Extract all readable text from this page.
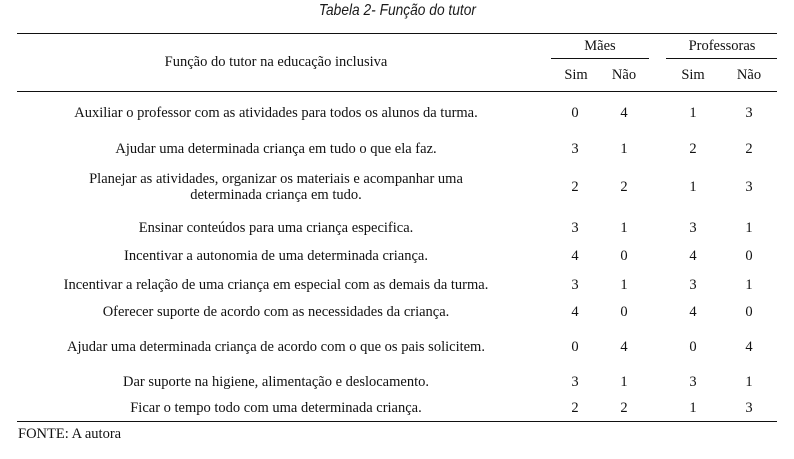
Tabela 2- Função do tutor
Função do tutor na educação inclusiva
Mães	Professoras
Sim Não	Sim Não
Auxiliar o professor com as atividades para todos os alunos da turma.	0	4	1	3
Ajudar uma determinada criança em tudo o que ela faz.	3	1	2	2
Planejar as atividades, organizar os materiais e acompanhar uma
determinada criança em tudo.	2	2	1	3
Ensinar conteúdos para uma criança especifica.	3	1	3	1
Incentivar a autonomia de uma determinada criança.	4	0	4	0
Incentivar a relação de uma criança em especial com as demais da turma.	3	1	3	1
Oferecer suporte de acordo com as necessidades da criança.	4	0	4	0
Ajudar uma determinada criança de acordo com o que os pais solicitem.	0	4	0	4
Dar suporte na higiene, alimentação e deslocamento.	3	1	3	1
Ficar o tempo todo com uma determinada criança.	2	2	1	3
FONTE: A autora
